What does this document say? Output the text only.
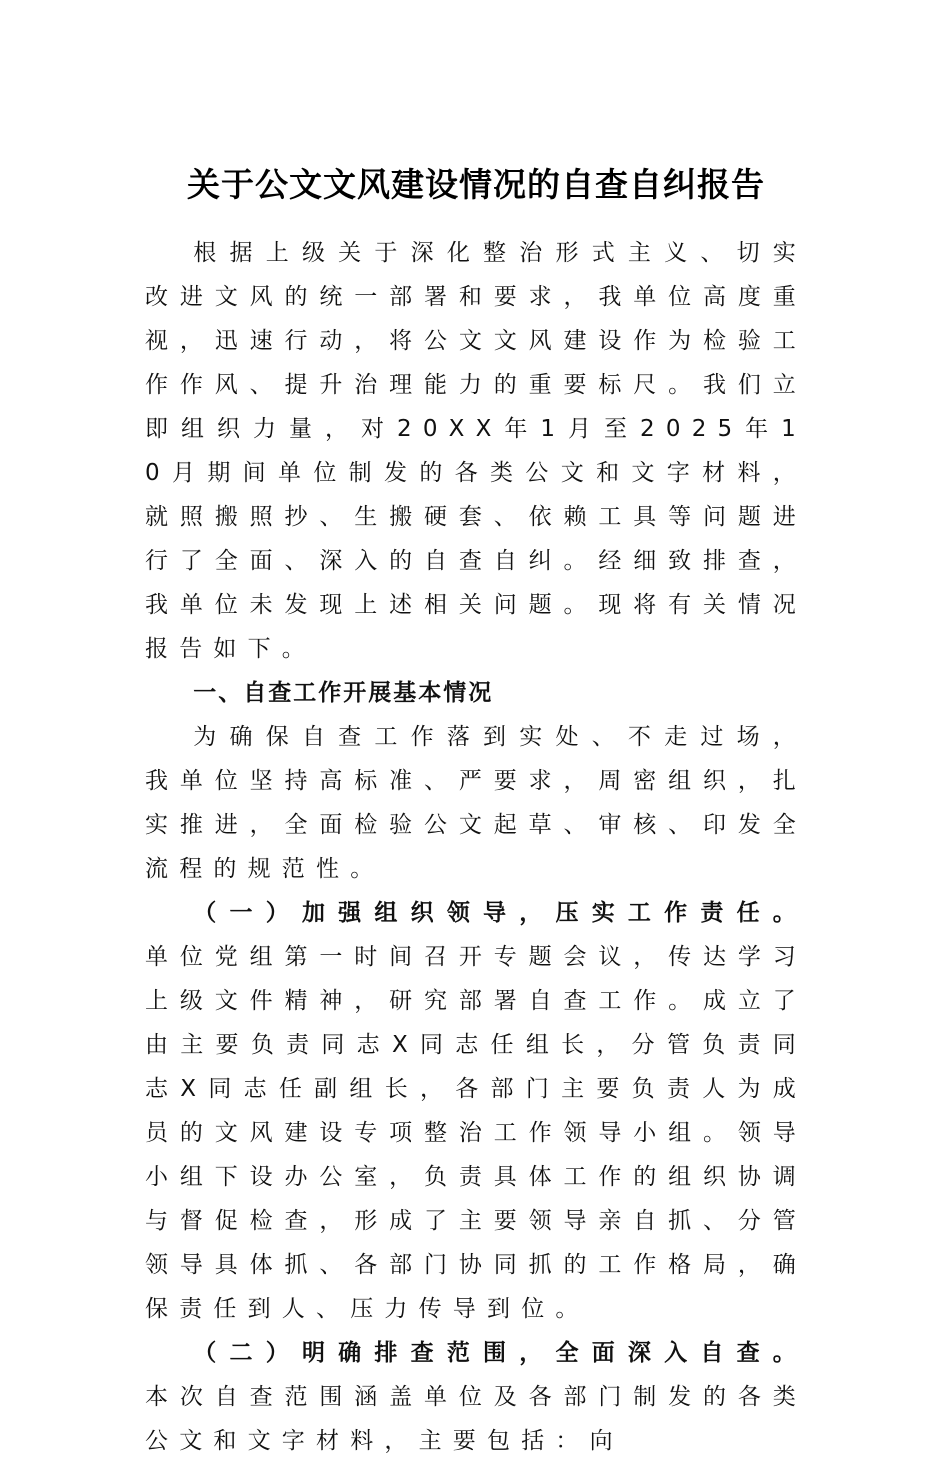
关于公文文风建设情况的自查自纠报告

根据上级关于深化整治形式主义、切实改进文风的统一部署和要求，我单位高度重视，迅速行动，将公文文风建设作为检验工作作风、提升治理能力的重要标尺。我们立即组织力量，对20XX年1月至2025年10月期间单位制发的各类公文和文字材料，就照搬照抄、生搬硬套、依赖工具等问题进行了全面、深入的自查自纠。经细致排查，我单位未发现上述相关问题。现将有关情况报告如下。

一、自查工作开展基本情况

为确保自查工作落到实处、不走过场，我单位坚持高标准、严要求，周密组织，扎实推进，全面检验公文起草、审核、印发全流程的规范性。

（一）加强组织领导，压实工作责任。单位党组第一时间召开专题会议，传达学习上级文件精神，研究部署自查工作。成立了由主要负责同志X同志任组长，分管负责同志X同志任副组长，各部门主要负责人为成员的文风建设专项整治工作领导小组。领导小组下设办公室，负责具体工作的组织协调与督促检查，形成了主要领导亲自抓、分管领导具体抓、各部门协同抓的工作格局，确保责任到人、压力传导到位。

（二）明确排查范围，全面深入自查。本次自查范围涵盖单位及各部门制发的各类公文和文字材料，主要包括：向
